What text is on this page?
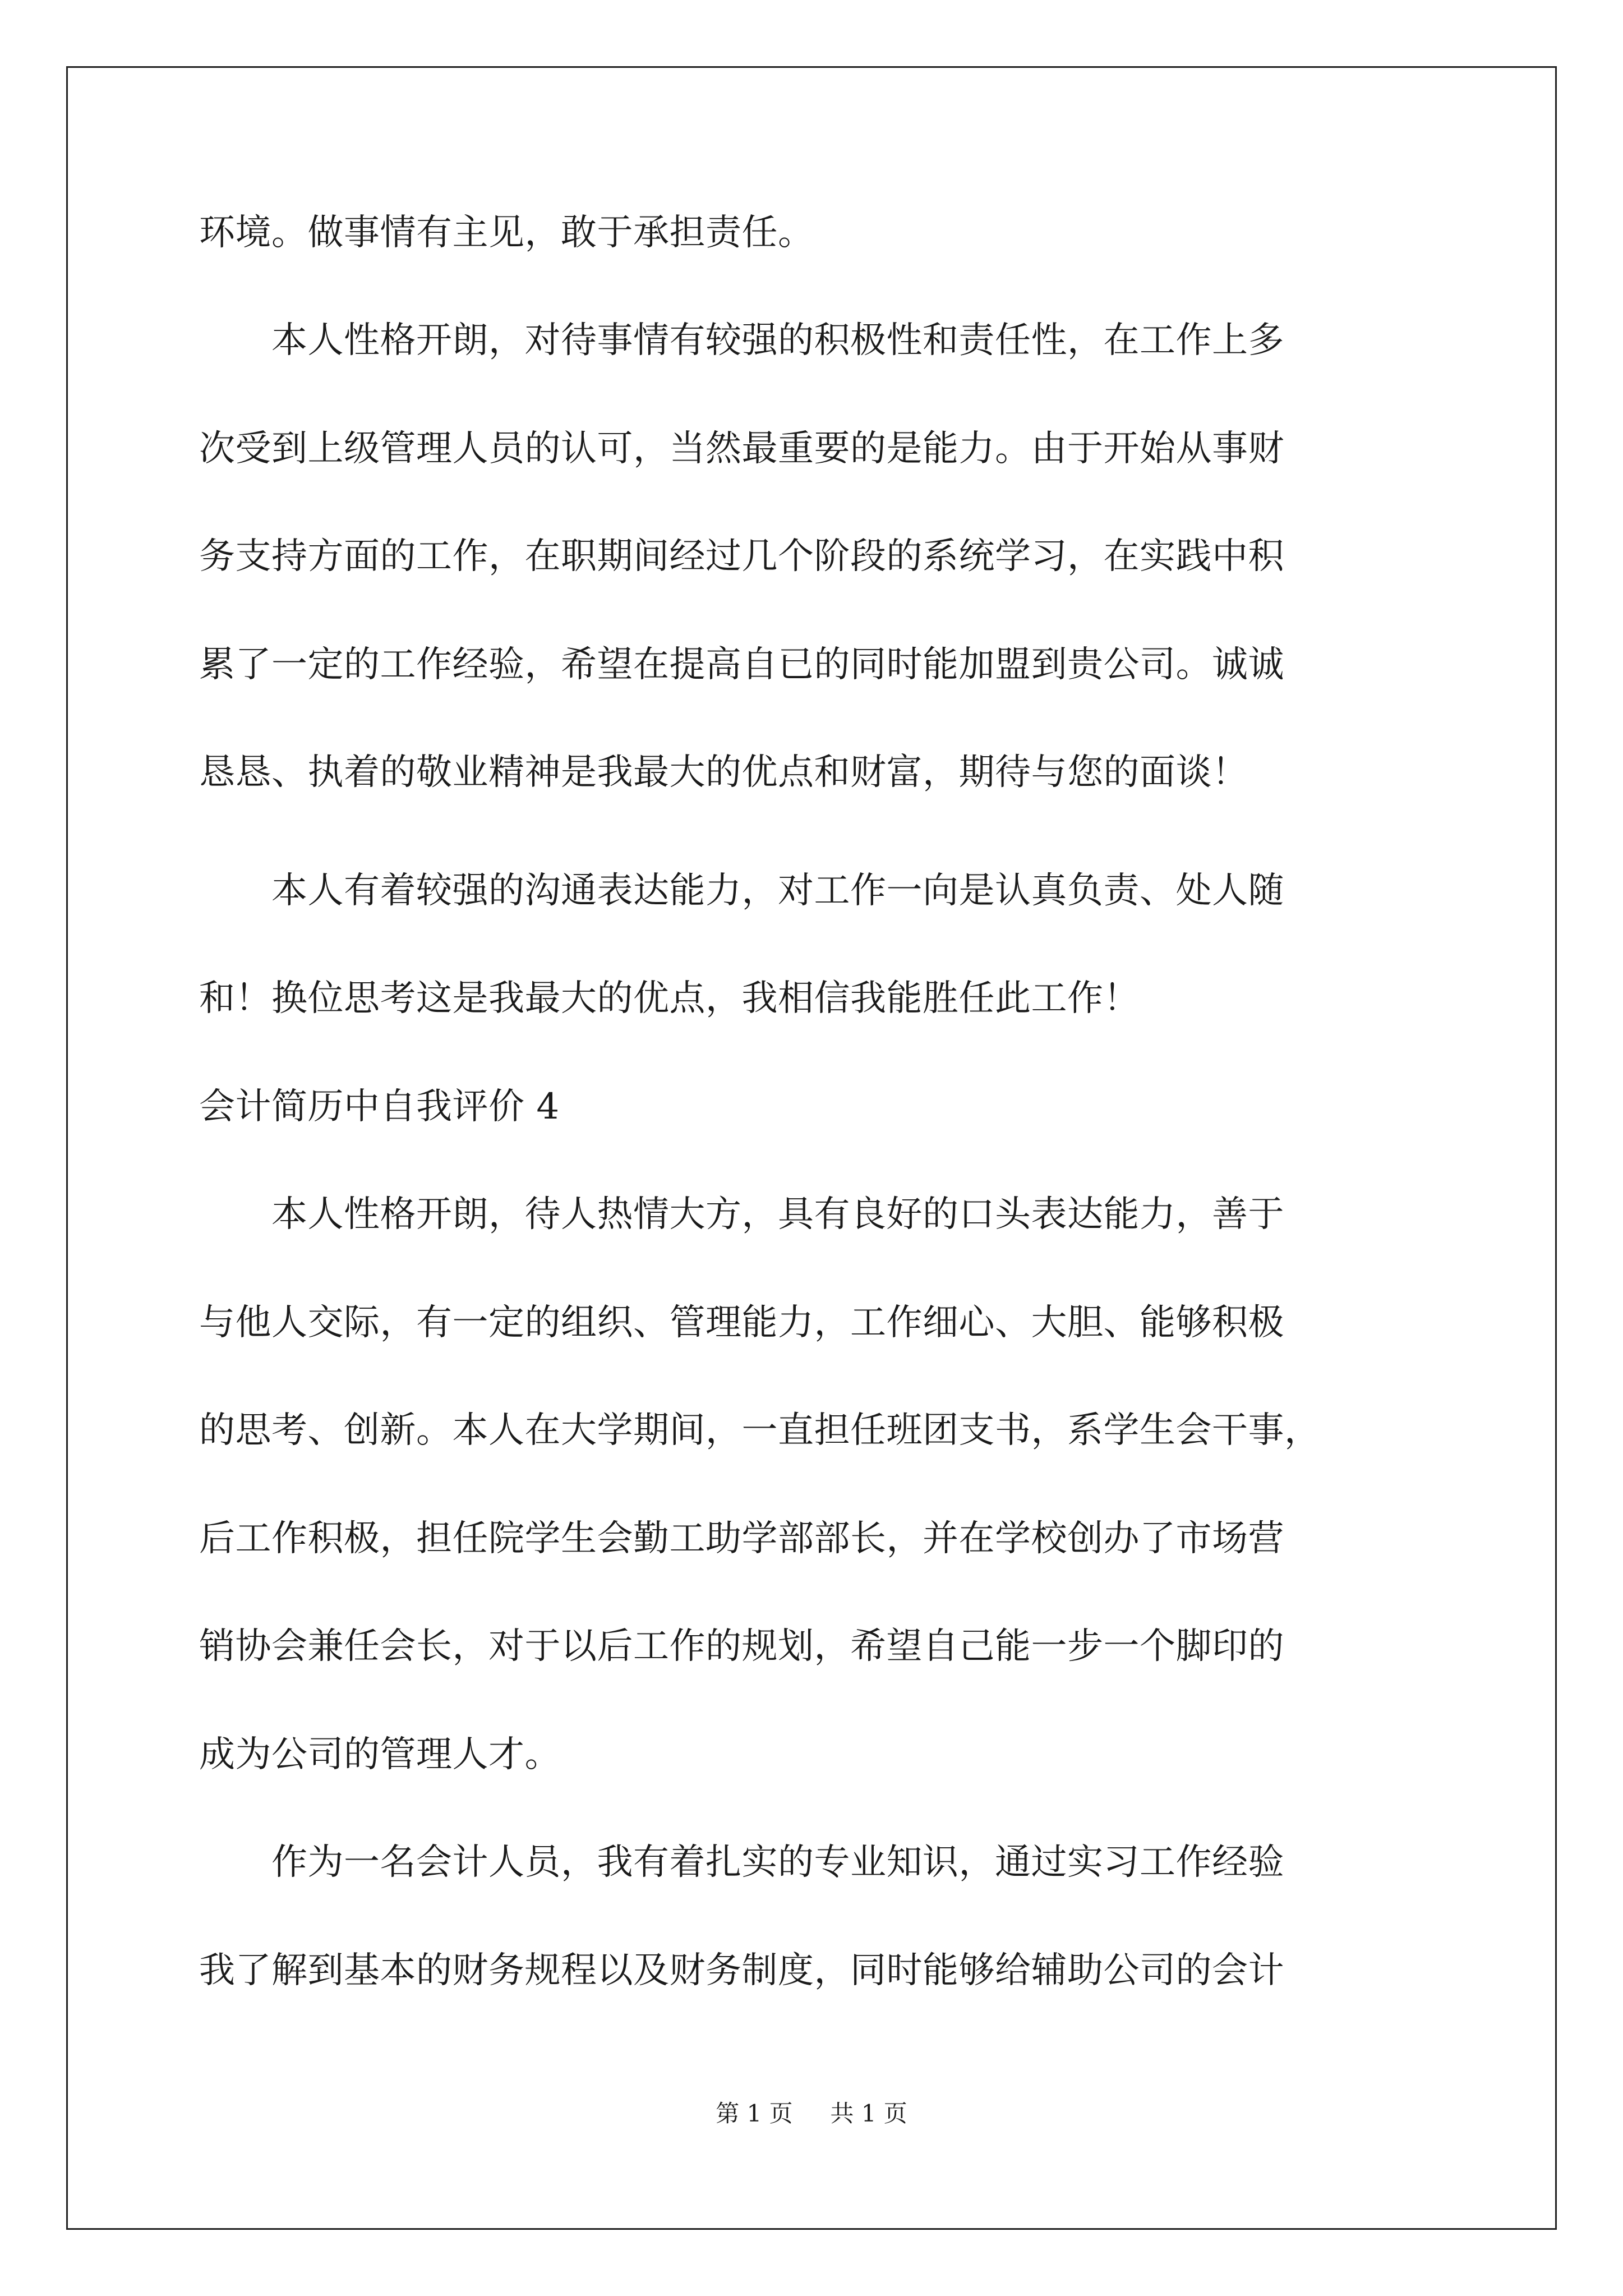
环境。做事情有主见，敢于承担责任。

　　本人性格开朗，对待事情有较强的积极性和责任性，在工作上多

次受到上级管理人员的认可，当然最重要的是能力。由于开始从事财

务支持方面的工作，在职期间经过几个阶段的系统学习，在实践中积

累了一定的工作经验，希望在提高自已的同时能加盟到贵公司。诚诚

恳恳、执着的敬业精神是我最大的优点和财富，期待与您的面谈！

　　本人有着较强的沟通表达能力，对工作一向是认真负责、处人随

和！换位思考这是我最大的优点，我相信我能胜任此工作！

会计简历中自我评价 4

　　本人性格开朗，待人热情大方，具有良好的口头表达能力，善于

与他人交际，有一定的组织、管理能力，工作细心、大胆、能够积极

的思考、创新。本人在大学期间，一直担任班团支书，系学生会干事，

后工作积极，担任院学生会勤工助学部部长，并在学校创办了市场营

销协会兼任会长，对于以后工作的规划，希望自己能一步一个脚印的

成为公司的管理人才。

　　作为一名会计人员，我有着扎实的专业知识，通过实习工作经验

我了解到基本的财务规程以及财务制度，同时能够给辅助公司的会计

第 1 页 共 1 页
